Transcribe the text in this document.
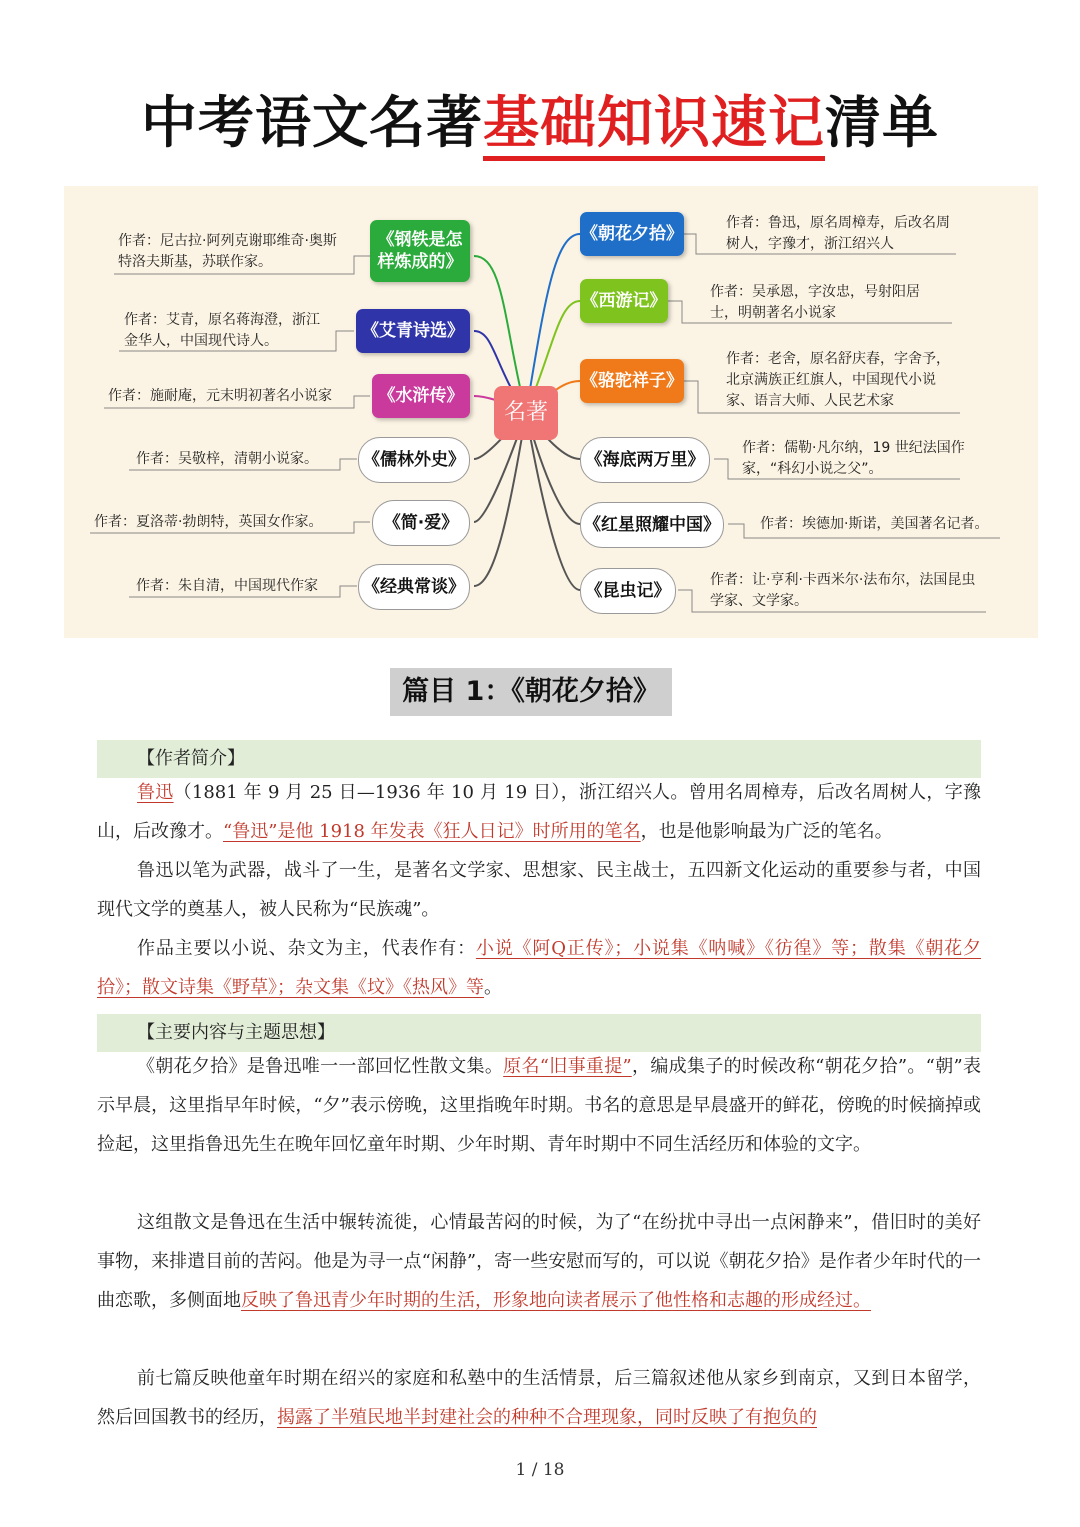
中考语文名著基础知识速记清单
名著
《钢铁是怎样炼成的》
《艾青诗选》
《水浒传》
《儒林外史》
《简·爱》
《经典常谈》
《朝花夕拾》
《西游记》
《骆驼祥子》
《海底两万里》
《红星照耀中国》
《昆虫记》
作者：尼古拉·阿列克谢耶维奇·奥斯特洛夫斯基，苏联作家。
作者：艾青，原名蒋海澄，浙江金华人，中国现代诗人。
作者：施耐庵，元末明初著名小说家
作者：吴敬梓，清朝小说家。
作者：夏洛蒂·勃朗特，英国女作家。
作者：朱自清，中国现代作家
作者：鲁迅，原名周樟寿，后改名周树人，字豫才，浙江绍兴人
作者：吴承恩，字汝忠，号射阳居士，明朝著名小说家
作者：老舍，原名舒庆春，字舍予，北京满族正红旗人，中国现代小说家、语言大师、人民艺术家
作者：儒勒·凡尔纳，19 世纪法国作家，“科幻小说之父”。
作者：埃德加·斯诺，美国著名记者。
作者：让·亨利·卡西米尔·法布尔，法国昆虫学家、文学家。
篇目 1：《朝花夕拾》
【作者简介】
鲁迅（1881 年 9 月 25 日—1936 年 10 月 19 日），浙江绍兴人。曾用名周樟寿，后改名周树人，字豫山，后改豫才。“鲁迅”是他 1918 年发表《狂人日记》时所用的笔名，也是他影响最为广泛的笔名。
鲁迅以笔为武器，战斗了一生，是著名文学家、思想家、民主战士，五四新文化运动的重要参与者，中国现代文学的奠基人，被人民称为“民族魂”。
作品主要以小说、杂文为主，代表作有：小说《阿Q正传》；小说集《呐喊》《彷徨》等；散集《朝花夕拾》；散文诗集《野草》；杂文集《坟》《热风》等。
【主要内容与主题思想】
《朝花夕拾》是鲁迅唯一一部回忆性散文集。原名“旧事重提”，编成集子的时候改称“朝花夕拾”。“朝”表示早晨，这里指早年时候，“夕”表示傍晚，这里指晚年时期。书名的意思是早晨盛开的鲜花，傍晚的时候摘掉或捡起，这里指鲁迅先生在晚年回忆童年时期、少年时期、青年时期中不同生活经历和体验的文字。
这组散文是鲁迅在生活中辗转流徙，心情最苦闷的时候，为了“在纷扰中寻出一点闲静来”，借旧时的美好事物，来排遣目前的苦闷。他是为寻一点“闲静”，寄一些安慰而写的，可以说《朝花夕拾》是作者少年时代的一曲恋歌，多侧面地反映了鲁迅青少年时期的生活，形象地向读者展示了他性格和志趣的形成经过。
前七篇反映他童年时期在绍兴的家庭和私塾中的生活情景，后三篇叙述他从家乡到南京，又到日本留学，然后回国教书的经历，揭露了半殖民地半封建社会的种种不合理现象，同时反映了有抱负的
1 / 18
